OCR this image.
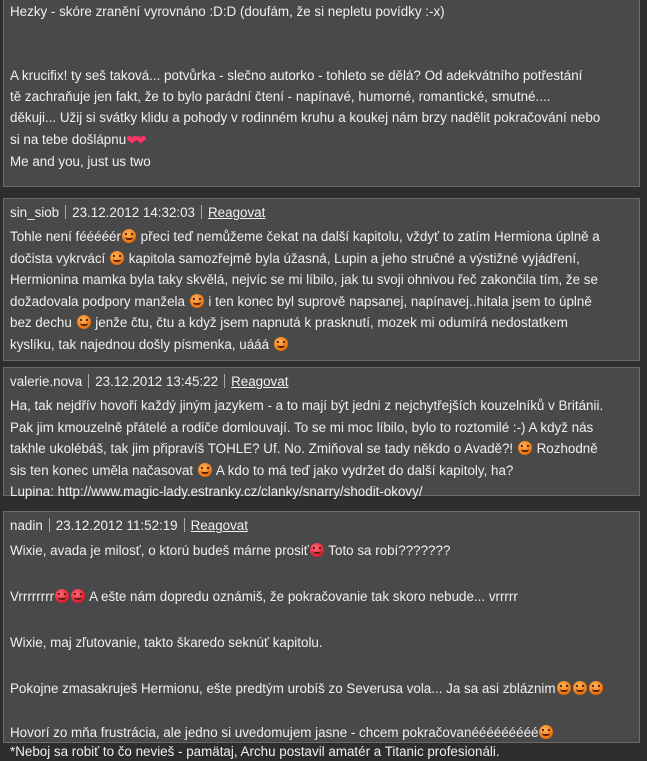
Hezky - skóre zranění vyrovnáno :D:D (doufám, že si nepletu povídky :-x)

A krucifix! ty seš taková... potvůrka - slečno autorko - tohleto se dělá? Od adekvátního potřestání

tě zachraňuje jen fakt, že to bylo parádní čtení - napínavé, humorné, romantické, smutné....

děkuji... Užij si svátky klidu a pohody v rodinném kruhu a koukej nám brzy nadělit pokračování nebo

si na tebe došlápnu❤❤

Me and you, just us two

sin_siob 23.12.2012 14:32:03 Reagovat

Tohle není fééééér přeci teď nemůžeme čekat na další kapitolu, vždyť to zatím Hermiona úplně a

dočista vykrvácí kapitola samozřejmě byla úžasná, Lupin a jeho stručné a výstižné vyjádření,

Hermionina mamka byla taky skvělá, nejvíc se mi líbilo, jak tu svoji ohnivou řeč zakončila tím, že se

dožadovala podpory manžela i ten konec byl suprově napsanej, napínavej..hitala jsem to úplně

bez dechu jenže čtu, čtu a když jsem napnutá k prasknutí, mozek mi odumírá nedostatkem

kyslíku, tak najednou došly písmenka, uááá

valerie.nova 23.12.2012 13:45:22 Reagovat

Ha, tak nejdřív hovoří každý jiným jazykem - a to mají být jedni z nejchytřejších kouzelníků v Británii.

Pak jim kmouzelně přátelé a rodiče domlouvají. To se mi moc líbilo, bylo to roztomilé :-) A když nás

takhle ukolébáš, tak jim připravíš TOHLE? Uf. No. Zmiňoval se tady někdo o Avadě?! Rozhodně

sis ten konec uměla načasovat A kdo to má teď jako vydržet do další kapitoly, ha?

Lupina: http://www.magic-lady.estranky.cz/clanky/snarry/shodit-okovy/

nadin 23.12.2012 11:52:19 Reagovat

Wixie, avada je milosť, o ktorú budeš márne prosiť Toto sa robí???????

Vrrrrrrrr	A ešte nám dopredu oznámiš, že pokračovanie tak skoro nebude... vrrrrr

Wixie, maj zľutovanie, takto škaredo seknúť kapitolu.

Pokojne zmasakruješ Hermionu, ešte predtým urobíš zo Severusa vola... Ja sa asi zbláznim

Hovorí zo mňa frustrácia, ale jedno si uvedomujem jasne - chcem pokračovanééééééééé

*Neboj sa robiť to čo nevieš - pamätaj, Archu postavil amatér a Titanic profesionáli.
